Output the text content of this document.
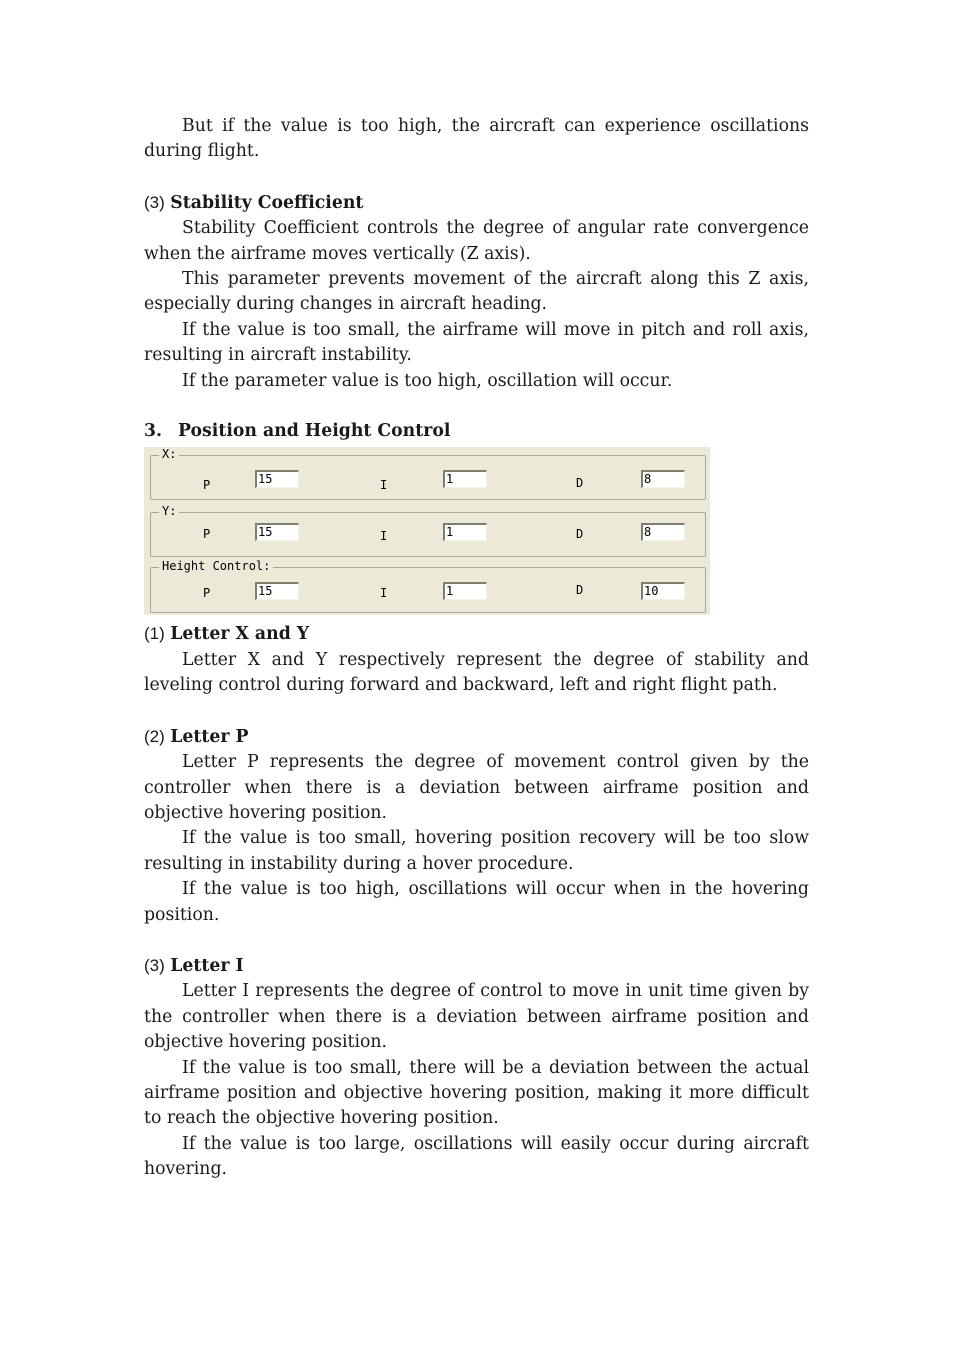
But if the value is too high, the aircraft can experience oscillations during flight.

(3) Stability Coefficient

Stability Coefficient controls the degree of angular rate convergence when the airframe moves vertically (Z axis).

This parameter prevents movement of the aircraft along this Z axis, especially during changes in aircraft heading.

If the value is too small, the airframe will move in pitch and roll axis, resulting in aircraft instability.

If the parameter value is too high, oscillation will occur.

3. Position and Height Control
X:
P	15	I	1	D	8
Y:
P	15	I	1	D	8
Height Control:
P	15	I	1	D	10
(1) Letter X and Y

Letter X and Y respectively represent the degree of stability and leveling control during forward and backward, left and right flight path.

(2) Letter P

Letter P represents the degree of movement control given by the controller when there is a deviation between airframe position and objective hovering position.

If the value is too small, hovering position recovery will be too slow resulting in instability during a hover procedure.

If the value is too high, oscillations will occur when in the hovering position.

(3) Letter I

Letter I represents the degree of control to move in unit time given by the controller when there is a deviation between airframe position and objective hovering position.

If the value is too small, there will be a deviation between the actual airframe position and objective hovering position, making it more difficult to reach the objective hovering position.

If the value is too large, oscillations will easily occur during aircraft hovering.
